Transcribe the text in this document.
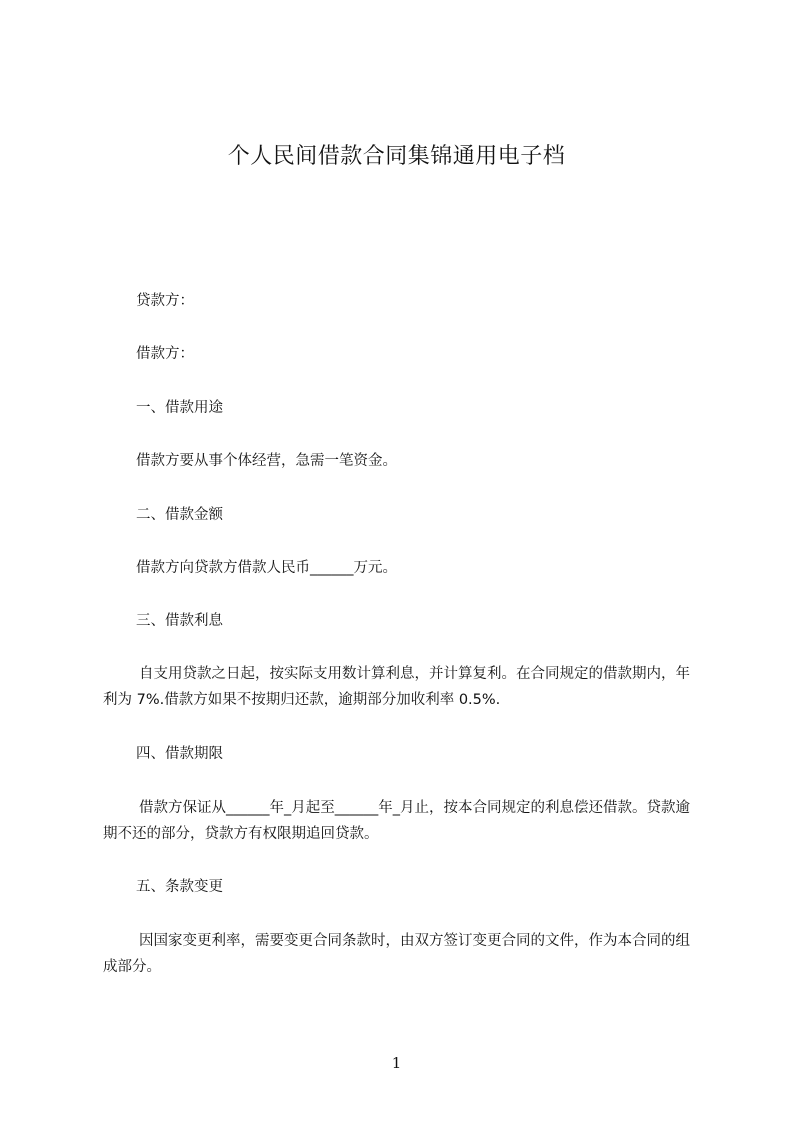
个人民间借款合同集锦通用电子档

贷款方：

借款方：

一、借款用途

借款方要从事个体经营，急需一笔资金。

二、借款金额

借款方向贷款方借款人民币______万元。

三、借款利息

自支用贷款之日起，按实际支用数计算利息，并计算复利。在合同规定的借款期内，年利为 7%.借款方如果不按期归还款，逾期部分加收利率 0.5%.

四、借款期限

借款方保证从______年_月起至______年_月止，按本合同规定的利息偿还借款。贷款逾期不还的部分，贷款方有权限期追回贷款。

五、条款变更

因国家变更利率，需要变更合同条款时，由双方签订变更合同的文件，作为本合同的组成部分。

1
